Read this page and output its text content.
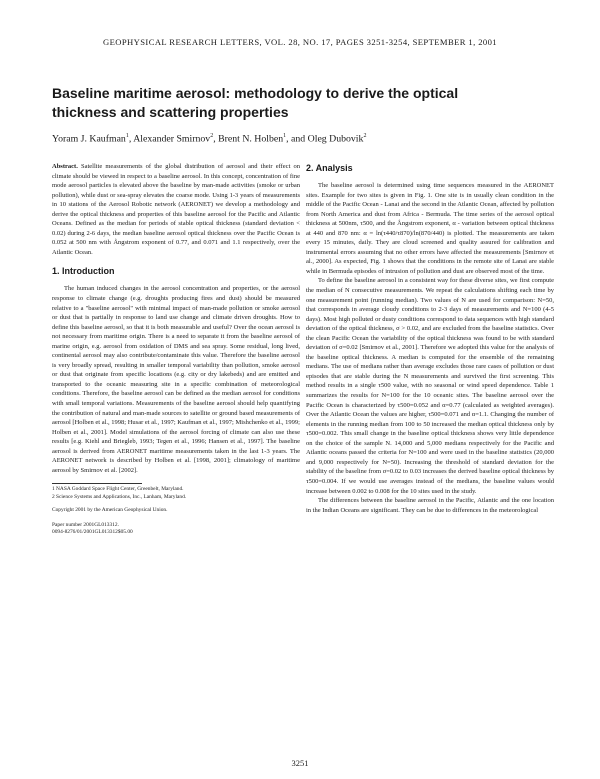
GEOPHYSICAL RESEARCH LETTERS, VOL. 28, NO. 17, PAGES 3251-3254, SEPTEMBER 1, 2001
Baseline maritime aerosol: methodology to derive the optical
thickness and scattering properties
Yoram J. Kaufman$^1$, Alexander Smirnov$^2$, Brent N. Holben$^1$, and Oleg Dubovik$^2$

Abstract. Satellite measurements of the global distribution of aerosol and their effect on climate should be viewed in respect to a baseline aerosol. In this concept, concentration of fine mode aerosol particles is elevated above the baseline by man-made activities (smoke or urban pollution), while dust or sea-spray elevates the coarse mode. Using 1-3 years of measurements in 10 stations of the Aerosol Robotic network (AERONET) we develop a methodology and derive the optical thickness and properties of this baseline aerosol for the Pacific and Atlantic Oceans. Defined as the median for periods of stable optical thickness (standard deviation < 0.02) during 2-6 days, the median baseline aerosol optical thickness over the Pacific Ocean is 0.052 at 500 nm with Ångstrom exponent of 0.77, and 0.071 and 1.1 respectively, over the Atlantic Ocean.

1. Introduction

The human induced changes in the aerosol concentration and properties, or the aerosol response to climate change (e.g. droughts producing fires and dust) should be measured relative to a "baseline aerosol" with minimal impact of man-made pollution or smoke aerosol or dust that is partially in response to land use change and climate driven droughts. How to define this baseline aerosol, so that it is both measurable and useful? Over the ocean aerosol is not necessary from maritime origin. There is a need to separate it from the baseline aerosol of marine origin, e.g. aerosol from oxidation of DMS and sea spray. Some residual, long lived, continental aerosol may also contribute/contaminate this value. Therefore the baseline aerosol is very broadly spread, resulting in smaller temporal variability than pollution, smoke aerosol or dust that originate from specific locations (e.g. city or dry lakebeds) and are emitted and transported to the oceanic measuring site in a specific combination of meteorological conditions. Therefore, the baseline aerosol can be defined as the median aerosol for conditions with small temporal variations. Measurements of the baseline aerosol should help quantifying the contribution of natural and man-made sources to satellite or ground based measurements of aerosol [Holben et al., 1998; Husar et al., 1997; Kaufman et al., 1997; Mishchenko et al., 1999; Holben et al., 2001]. Model simulations of the aerosol forcing of climate can also use these results [e.g. Kiehl and Briegleb, 1993; Tegen et al., 1996; Hansen et al., 1997]. The baseline aerosol is derived from AERONET maritime measurements taken in the last 1-3 years. The AERONET network is described by Holben et al. [1998, 2001]; climatology of maritime aerosol by Smirnov et al. [2002].

1 NASA Goddard Space Flight Center, Greenbelt, Maryland.
2 Science Systems and Applications, Inc., Lanham, Maryland.
Copyright 2001 by the American Geophysical Union.

Paper number 2001GL013312.
0094-8276/01/2001GL013312$05.00
2. Analysis

The baseline aerosol is determined using time sequences measured in the AERONET sites. Example for two sites is given in Fig. 1. One site is in usually clean condition in the middle of the Pacific Ocean - Lanai and the second in the Atlantic Ocean, affected by pollution from North America and dust from Africa - Bermuda. The time series of the aerosol optical thickness at 500nm, τ500, and the Ångstrom exponent, α - variation between optical thickness at 440 and 870 nm: α = ln(τ440/τ870)/ln(870/440) is plotted. The measurements are taken every 15 minutes, daily. They are cloud screened and quality assured for calibration and instrumental errors assuming that no other errors have affected the measurements [Smirnov et al., 2000]. As expected, Fig. 1 shows that the conditions in the remote site of Lanai are stable while in Bermuda episodes of intrusion of pollution and dust are observed most of the time.

To define the baseline aerosol in a consistent way for these diverse sites, we first compute the median of N consecutive measurements. We repeat the calculations shifting each time by one measurement point (running median). Two values of N are used for comparison: N=50, that corresponds in average cloudy conditions to 2-3 days of measurements and N=100 (4-5 days). Most high polluted or dusty conditions correspond to data sequences with high standard deviation of the optical thickness, σ > 0.02, and are excluded from the baseline statistics. Over the clean Pacific Ocean the variability of the optical thickness was found to be with standard deviation of σ=0.02 [Smirnov et al., 2001]. Therefore we adopted this value for the analysis of the baseline optical thickness. A median is computed for the ensemble of the remaining medians. The use of medians rather than average excludes those rare cases of pollution or dust episodes that are stable during the N measurements and survived the first screening. This method results in a single τ500 value, with no seasonal or wind speed dependence. Table 1 summarizes the results for N=100 for the 10 oceanic sites. The baseline aerosol over the Pacific Ocean is characterized by τ500=0.052 and α=0.77 (calculated as weighted averages). Over the Atlantic Ocean the values are higher, τ500=0.071 and α=1.1. Changing the number of elements in the running median from 100 to 50 increased the median optical thickness only by τ500=0.002. This small change in the baseline optical thickness shows very little dependence on the choice of the sample N. 14,000 and 5,000 medians respectively for the Pacific and Atlantic oceans passed the criteria for N=100 and were used in the baseline statistics (20,000 and 9,000 respectively for N=50). Increasing the threshold of standard deviation for the stability of the baseline from σ=0.02 to 0.03 increases the derived baseline optical thickness by τ500=0.004. If we would use averages instead of the medians, the baseline values would increase between 0.002 to 0.008 for the 10 sites used in the study.

The differences between the baseline aerosol in the Pacific, Atlantic and the one location in the Indian Oceans are significant. They can be due to differences in the meteorological

3251
